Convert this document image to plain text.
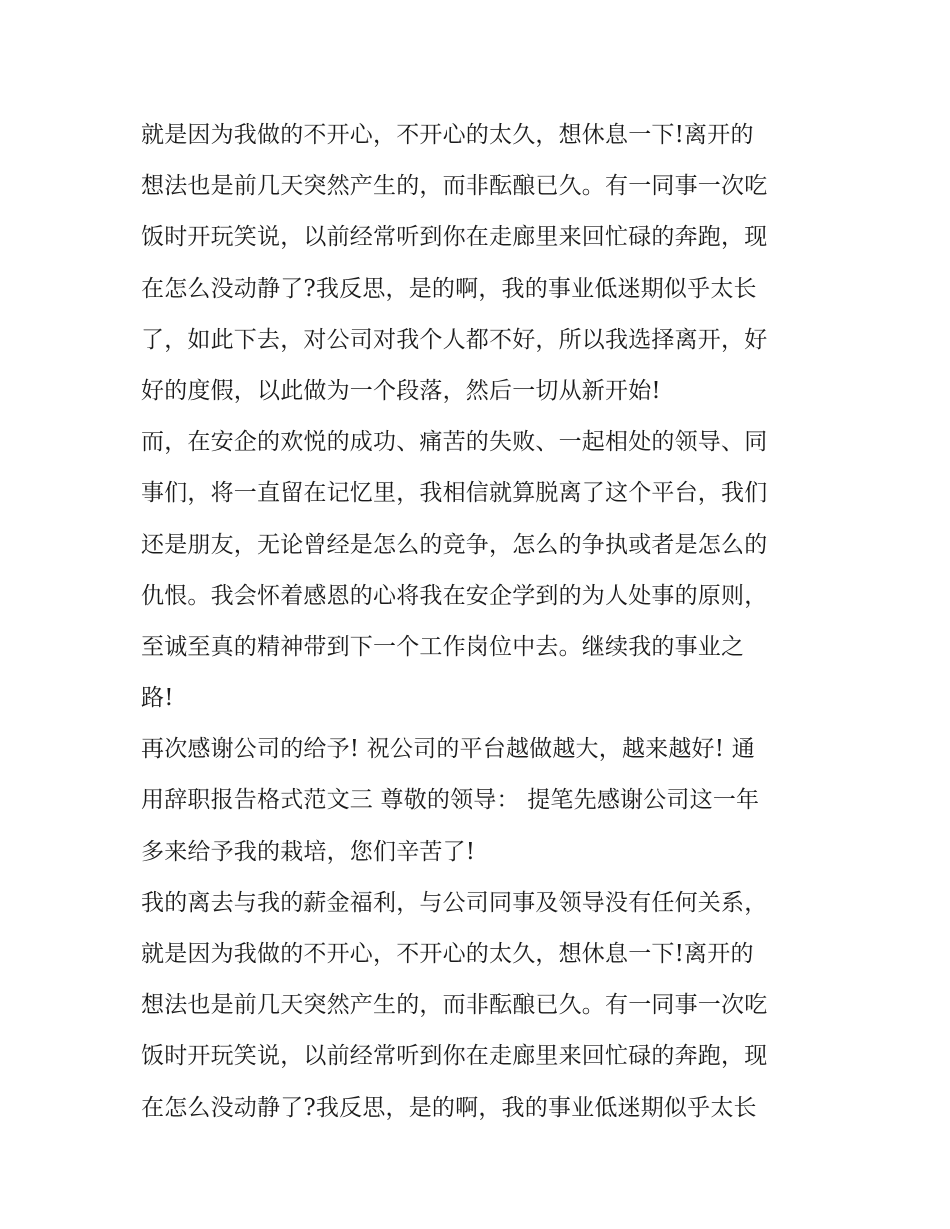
就是因为我做的不开心，不开心的太久，想休息一下!离开的
想法也是前几天突然产生的，而非酝酿已久。有一同事一次吃
饭时开玩笑说，以前经常听到你在走廊里来回忙碌的奔跑，现
在怎么没动静了?我反思，是的啊，我的事业低迷期似乎太长
了，如此下去，对公司对我个人都不好，所以我选择离开，好
好的度假，以此做为一个段落，然后一切从新开始!
而，在安企的欢悦的成功、痛苦的失败、一起相处的领导、同
事们，将一直留在记忆里，我相信就算脱离了这个平台，我们
还是朋友，无论曾经是怎么的竞争，怎么的争执或者是怎么的
仇恨。我会怀着感恩的心将我在安企学到的为人处事的原则，
至诚至真的精神带到下一个工作岗位中去。继续我的事业之
路!
再次感谢公司的给予! 祝公司的平台越做越大，越来越好! 通
用辞职报告格式范文三 尊敬的领导： 提笔先感谢公司这一年
多来给予我的栽培，您们辛苦了!
我的离去与我的薪金福利，与公司同事及领导没有任何关系，
就是因为我做的不开心，不开心的太久，想休息一下!离开的
想法也是前几天突然产生的，而非酝酿已久。有一同事一次吃
饭时开玩笑说，以前经常听到你在走廊里来回忙碌的奔跑，现
在怎么没动静了?我反思，是的啊，我的事业低迷期似乎太长
